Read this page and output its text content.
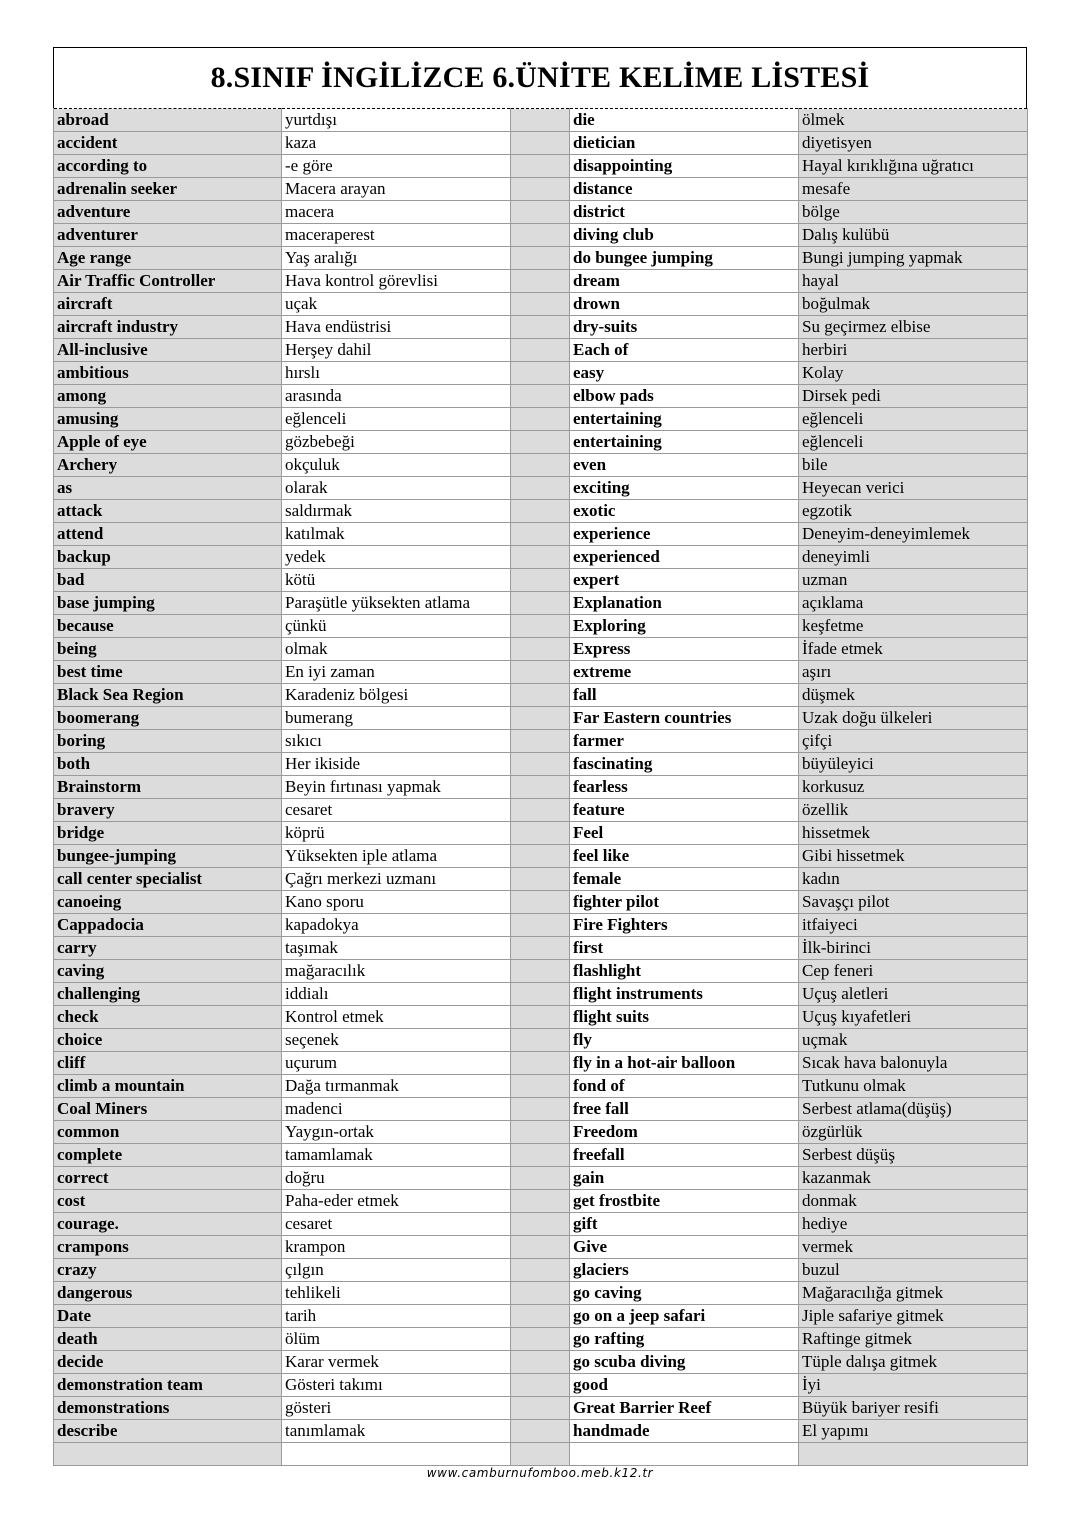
8.SINIF İNGİLİZCE 6.ÜNİTE KELİME LİSTESİ
abroad	yurtdışı		die	ölmek
accident	kaza		dietician	diyetisyen
according to	-e göre		disappointing	Hayal kırıklığına uğratıcı
adrenalin seeker	Macera arayan		distance	mesafe
adventure	macera		district	bölge
adventurer	maceraperest		diving club	Dalış kulübü
Age range	Yaş aralığı		do bungee jumping	Bungi jumping yapmak
Air Traffic Controller	Hava kontrol görevlisi		dream	hayal
aircraft	uçak		drown	boğulmak
aircraft industry	Hava endüstrisi		dry-suits	Su geçirmez elbise
All-inclusive	Herşey dahil		Each of	herbiri
ambitious	hırslı		easy	Kolay
among	arasında		elbow pads	Dirsek pedi
amusing	eğlenceli		entertaining	eğlenceli
Apple of eye	gözbebeği		entertaining	eğlenceli
Archery	okçuluk		even	bile
as	olarak		exciting	Heyecan verici
attack	saldırmak		exotic	egzotik
attend	katılmak		experience	Deneyim-deneyimlemek
backup	yedek		experienced	deneyimli
bad	kötü		expert	uzman
base jumping	Paraşütle yüksekten atlama		Explanation	açıklama
because	çünkü		Exploring	keşfetme
being	olmak		Express	İfade etmek
best time	En iyi zaman		extreme	aşırı
Black Sea Region	Karadeniz bölgesi		fall	düşmek
boomerang	bumerang		Far Eastern countries	Uzak doğu ülkeleri
boring	sıkıcı		farmer	çifçi
both	Her ikiside		fascinating	büyüleyici
Brainstorm	Beyin fırtınası yapmak		fearless	korkusuz
bravery	cesaret		feature	özellik
bridge	köprü		Feel	hissetmek
bungee-jumping	Yüksekten iple atlama		feel like	Gibi hissetmek
call center specialist	Çağrı merkezi uzmanı		female	kadın
canoeing	Kano sporu		fighter pilot	Savaşçı pilot
Cappadocia	kapadokya		Fire Fighters	itfaiyeci
carry	taşımak		first	İlk-birinci
caving	mağaracılık		flashlight	Cep feneri
challenging	iddialı		flight instruments	Uçuş aletleri
check	Kontrol etmek		flight suits	Uçuş kıyafetleri
choice	seçenek		fly	uçmak
cliff	uçurum		fly in a hot-air balloon	Sıcak hava balonuyla
climb a mountain	Dağa tırmanmak		fond of	Tutkunu olmak
Coal Miners	madenci		free fall	Serbest atlama(düşüş)
common	Yaygın-ortak		Freedom	özgürlük
complete	tamamlamak		freefall	Serbest düşüş
correct	doğru		gain	kazanmak
cost	Paha-eder etmek		get frostbite	donmak
courage.	cesaret		gift	hediye
crampons	krampon		Give	vermek
crazy	çılgın		glaciers	buzul
dangerous	tehlikeli		go caving	Mağaracılığa gitmek
Date	tarih		go on a jeep safari	Jiple safariye gitmek
death	ölüm		go rafting	Raftinge gitmek
decide	Karar vermek		go scuba diving	Tüple dalışa gitmek
demonstration team	Gösteri takımı		good	İyi
demonstrations	gösteri		Great Barrier Reef	Büyük bariyer resifi
describe	tanımlamak		handmade	El yapımı

www.camburnufomboo.meb.k12.tr
